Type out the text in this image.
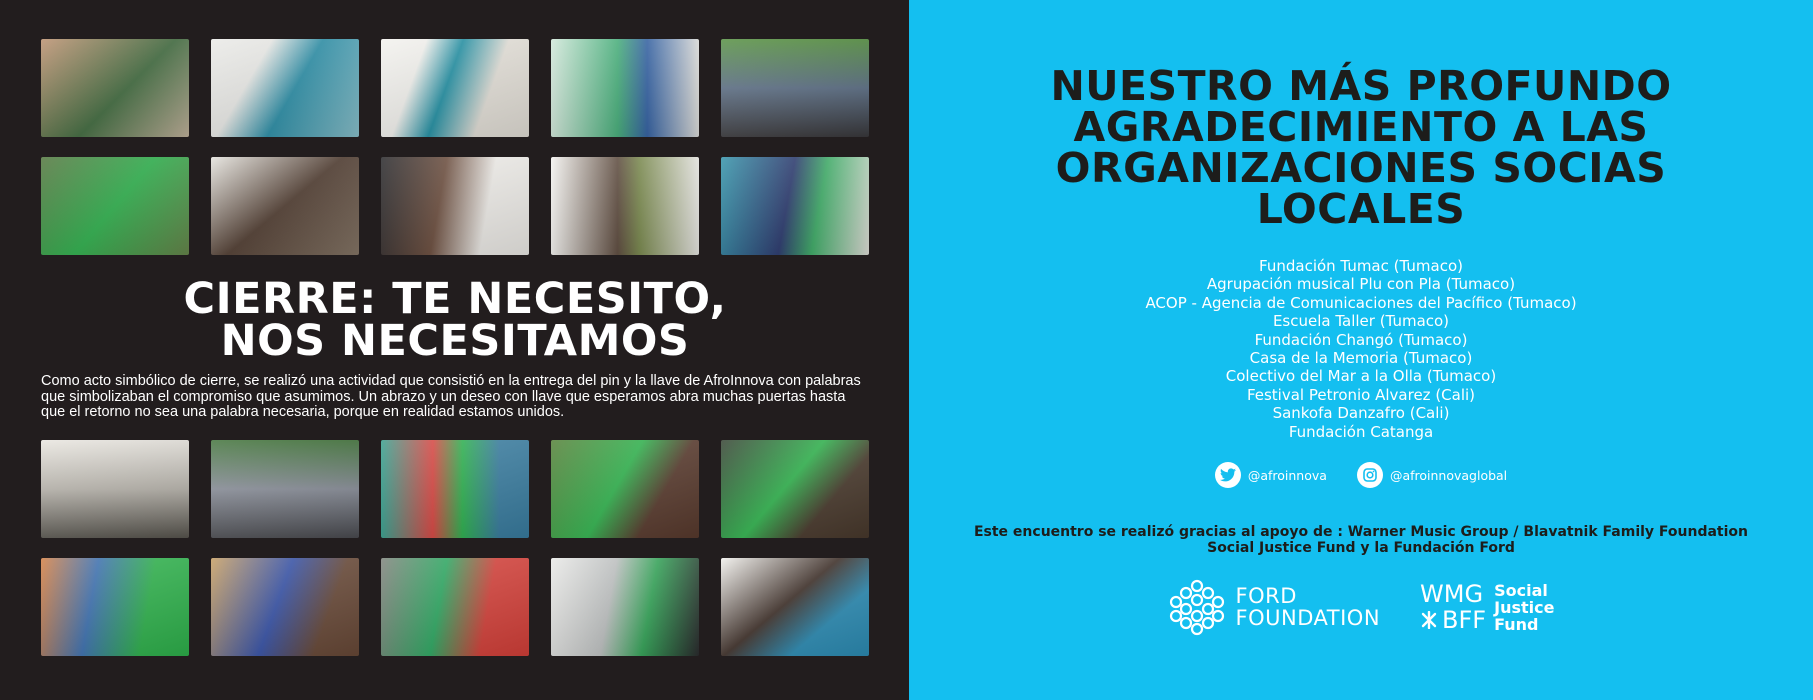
CIERRE: TE NECESITO,
NOS NECESITAMOS

Como acto simbólico de cierre, se realizó una actividad que consistió en la entrega del pin y la llave de AfroInnova con palabras que simbolizaban el compromiso que asumimos. Un abrazo y un deseo con llave que esperamos abra muchas puertas hasta que el retorno no sea una palabra necesaria, porque en realidad estamos unidos.

NUESTRO MÁS PROFUNDO
AGRADECIMIENTO A LAS
ORGANIZACIONES SOCIAS
LOCALES
Fundación Tumac (Tumaco)
Agrupación musical Plu con Pla (Tumaco)
ACOP - Agencia de Comunicaciones del Pacífico (Tumaco)
Escuela Taller (Tumaco)
Fundación Changó (Tumaco)
Casa de la Memoria (Tumaco)
Colectivo del Mar a la Olla (Tumaco)
Festival Petronio Alvarez (Cali)
Sankofa Danzafro (Cali)
Fundación Catanga
@afroinnova	@afroinnovaglobal

Este encuentro se realizó gracias al apoyo de : Warner Music Group / Blavatnik Family Foundation
Social Justice Fund y la Fundación Ford

FORD
FOUNDATION
WMG
BFF
Social
Justice
Fund
